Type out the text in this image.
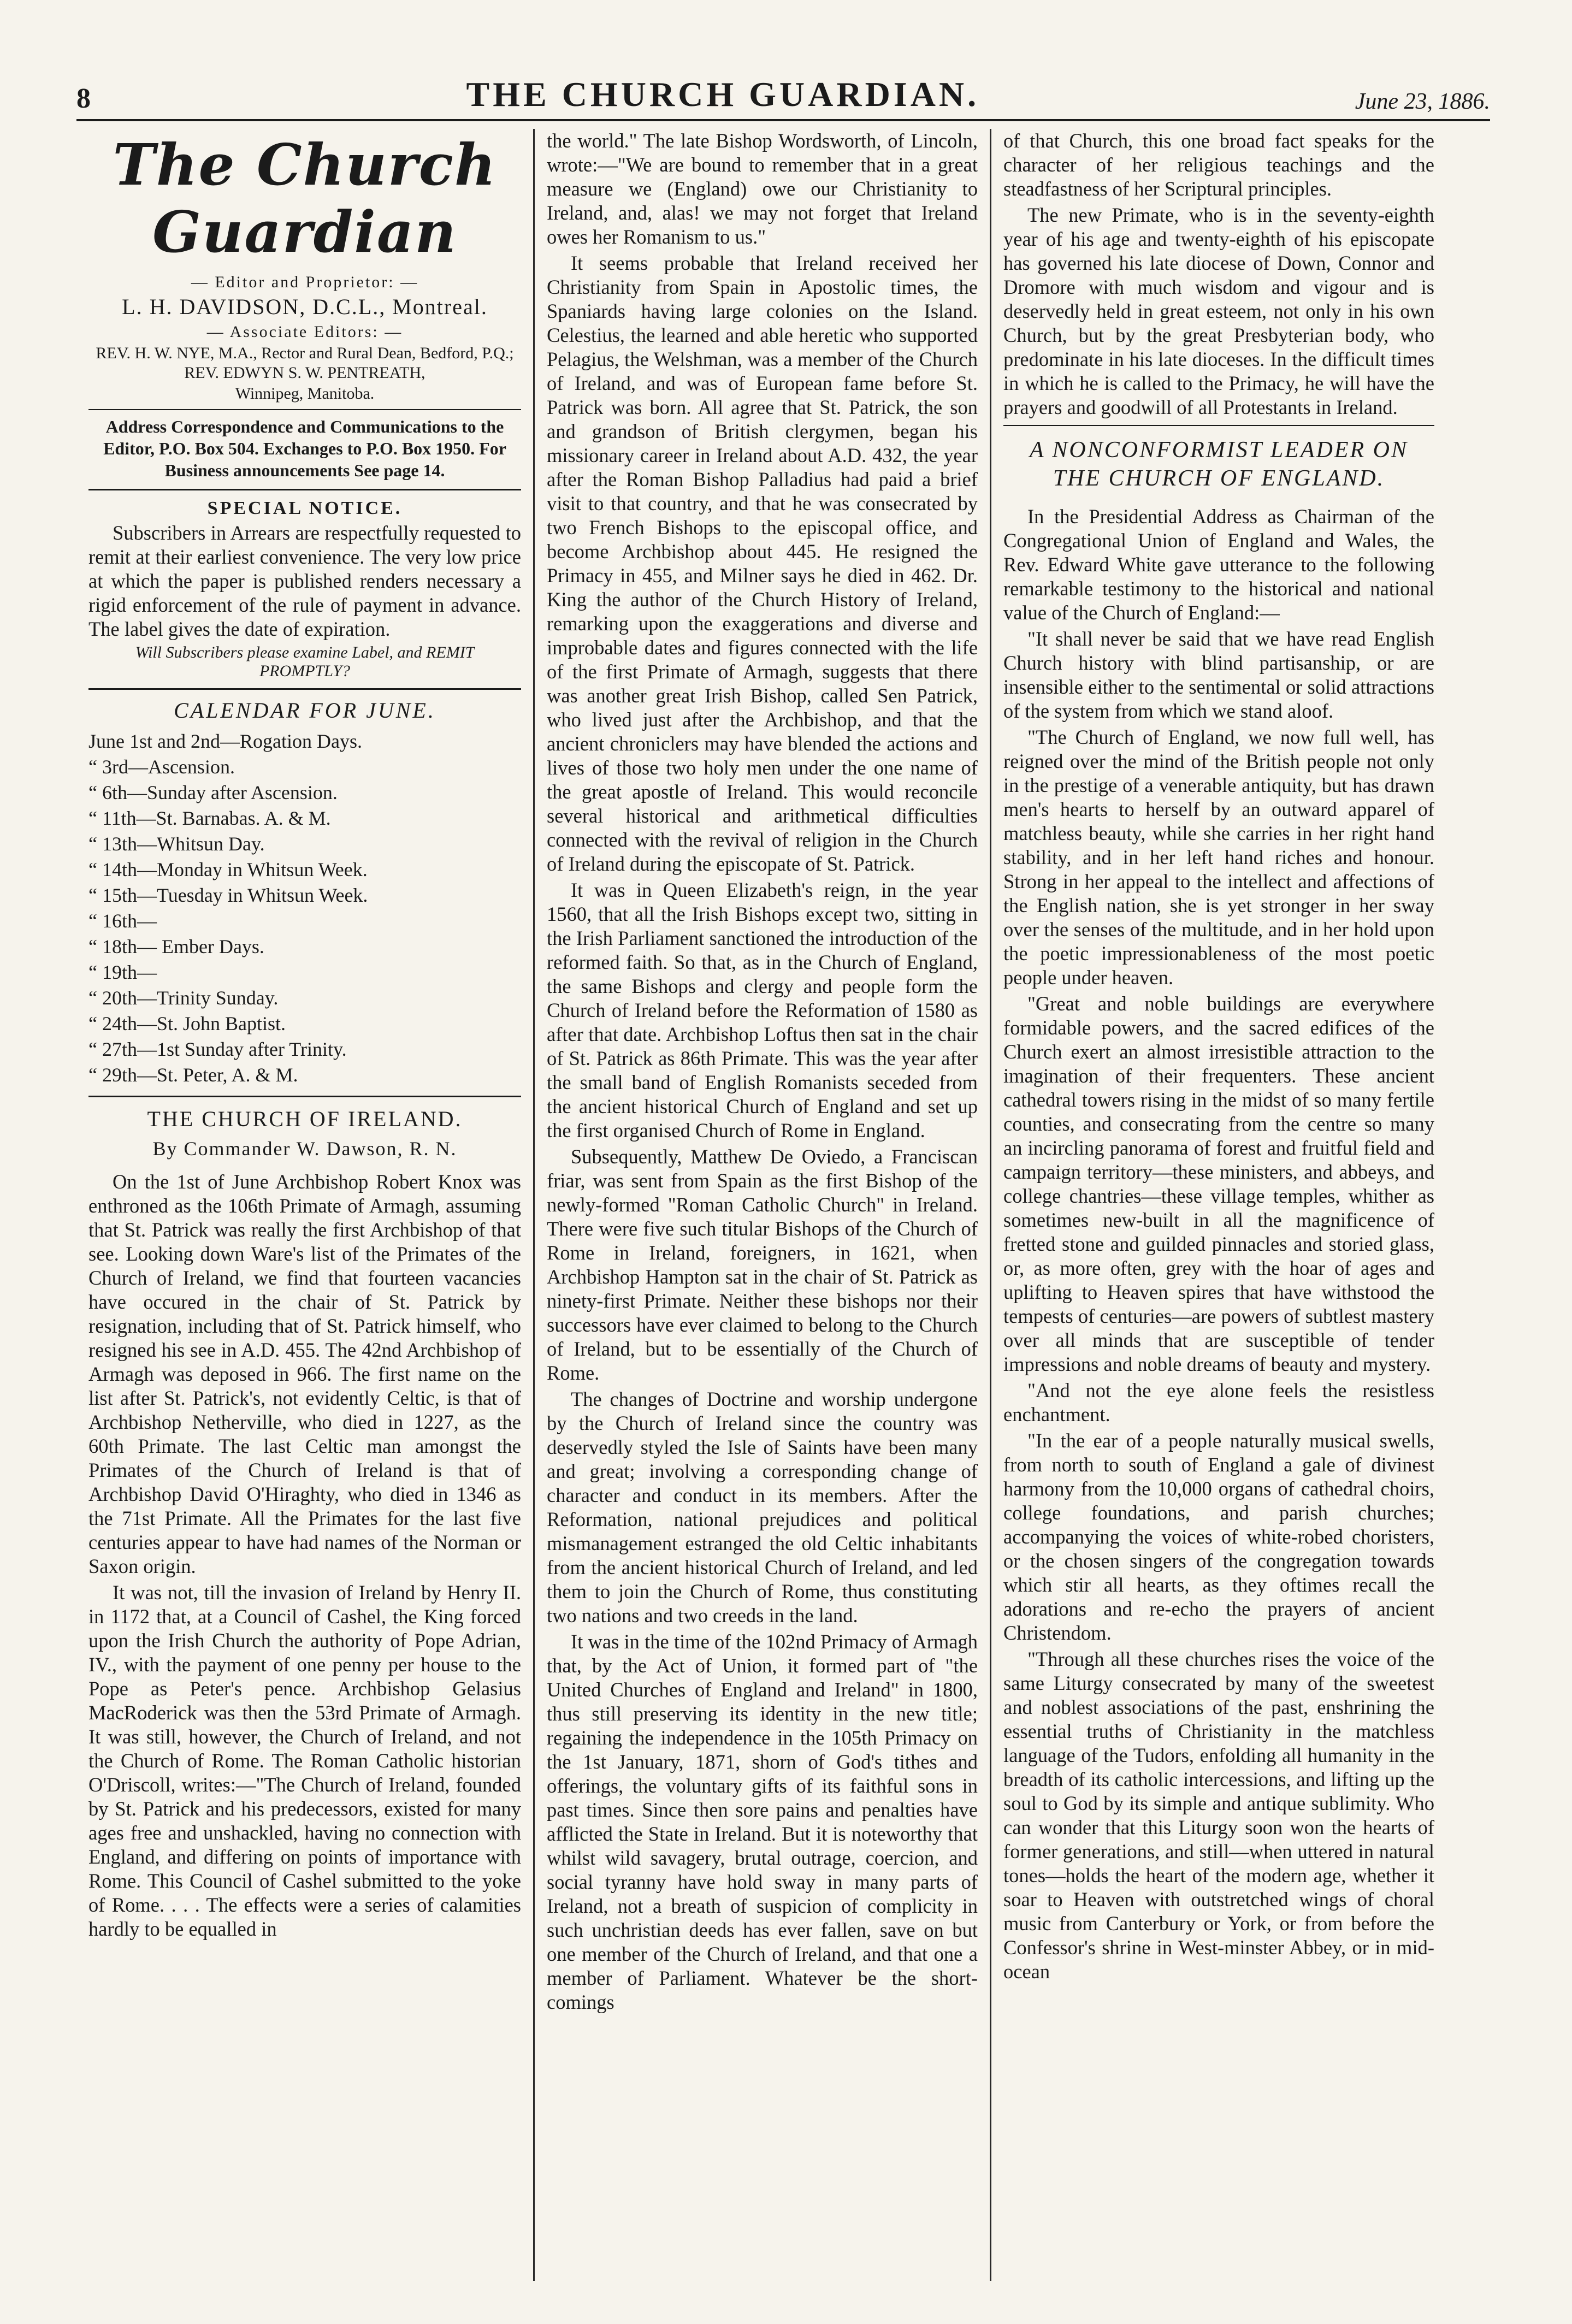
8	THE CHURCH GUARDIAN.	June 23, 1886.
The Church Guardian
— Editor and Proprietor: —
L. H. DAVIDSON, D.C.L., Montreal.
— Associate Editors: —
REV. H. W. NYE, M.A., Rector and Rural Dean, Bedford, P.Q.; REV. EDWYN S. W. PENTREATH,
Winnipeg, Manitoba.
Address Correspondence and Communications to the Editor, P.O. Box 504. Exchanges to P.O. Box 1950. For Business announcements See page 14.
SPECIAL NOTICE.

Subscribers in Arrears are respectfully requested to remit at their earliest convenience. The very low price at which the paper is published renders necessary a rigid enforcement of the rule of payment in advance. The label gives the date of expiration.

Will Subscribers please examine Label, and REMIT PROMPTLY?
CALENDAR FOR JUNE.
June 1st and 2nd—Rogation Days.
“ 3rd—Ascension.
“ 6th—Sunday after Ascension.
“ 11th—St. Barnabas. A. & M.
“ 13th—Whitsun Day.
“ 14th—Monday in Whitsun Week.
“ 15th—Tuesday in Whitsun Week.
“ 16th—
“ 18th— Ember Days.
“ 19th—
“ 20th—Trinity Sunday.
“ 24th—St. John Baptist.
“ 27th—1st Sunday after Trinity.
“ 29th—St. Peter, A. & M.
THE CHURCH OF IRELAND.
By Commander W. Dawson, R. N.

On the 1st of June Archbishop Robert Knox was enthroned as the 106th Primate of Armagh, assuming that St. Patrick was really the first Archbishop of that see. Looking down Ware's list of the Primates of the Church of Ireland, we find that fourteen vacancies have occured in the chair of St. Patrick by resignation, including that of St. Patrick himself, who resigned his see in A.D. 455. The 42nd Archbishop of Armagh was deposed in 966. The first name on the list after St. Patrick's, not evidently Celtic, is that of Archbishop Netherville, who died in 1227, as the 60th Primate. The last Celtic man amongst the Primates of the Church of Ireland is that of Archbishop David O'Hiraghty, who died in 1346 as the 71st Primate. All the Primates for the last five centuries appear to have had names of the Norman or Saxon origin.

It was not, till the invasion of Ireland by Henry II. in 1172 that, at a Council of Cashel, the King forced upon the Irish Church the authority of Pope Adrian, IV., with the payment of one penny per house to the Pope as Peter's pence. Archbishop Gelasius MacRoderick was then the 53rd Primate of Armagh. It was still, however, the Church of Ireland, and not the Church of Rome. The Roman Catholic historian O'Driscoll, writes:—"The Church of Ireland, founded by St. Patrick and his predecessors, existed for many ages free and unshackled, having no connection with England, and differing on points of importance with Rome. This Council of Cashel submitted to the yoke of Rome. . . . The effects were a series of calamities hardly to be equalled in

the world." The late Bishop Wordsworth, of Lincoln, wrote:—"We are bound to remember that in a great measure we (England) owe our Christianity to Ireland, and, alas! we may not forget that Ireland owes her Romanism to us."

It seems probable that Ireland received her Christianity from Spain in Apostolic times, the Spaniards having large colonies on the Island. Celestius, the learned and able heretic who supported Pelagius, the Welshman, was a member of the Church of Ireland, and was of European fame before St. Patrick was born. All agree that St. Patrick, the son and grandson of British clergymen, began his missionary career in Ireland about A.D. 432, the year after the Roman Bishop Palladius had paid a brief visit to that country, and that he was consecrated by two French Bishops to the episcopal office, and become Archbishop about 445. He resigned the Primacy in 455, and Milner says he died in 462. Dr. King the author of the Church History of Ireland, remarking upon the exaggerations and diverse and improbable dates and figures connected with the life of the first Primate of Armagh, suggests that there was another great Irish Bishop, called Sen Patrick, who lived just after the Archbishop, and that the ancient chroniclers may have blended the actions and lives of those two holy men under the one name of the great apostle of Ireland. This would reconcile several historical and arithmetical difficulties connected with the revival of religion in the Church of Ireland during the episcopate of St. Patrick.

It was in Queen Elizabeth's reign, in the year 1560, that all the Irish Bishops except two, sitting in the Irish Parliament sanctioned the introduction of the reformed faith. So that, as in the Church of England, the same Bishops and clergy and people form the Church of Ireland before the Reformation of 1580 as after that date. Archbishop Loftus then sat in the chair of St. Patrick as 86th Primate. This was the year after the small band of English Romanists seceded from the ancient historical Church of England and set up the first organised Church of Rome in England.

Subsequently, Matthew De Oviedo, a Franciscan friar, was sent from Spain as the first Bishop of the newly-formed "Roman Catholic Church" in Ireland. There were five such titular Bishops of the Church of Rome in Ireland, foreigners, in 1621, when Archbishop Hampton sat in the chair of St. Patrick as ninety-first Primate. Neither these bishops nor their successors have ever claimed to belong to the Church of Ireland, but to be essentially of the Church of Rome.

The changes of Doctrine and worship undergone by the Church of Ireland since the country was deservedly styled the Isle of Saints have been many and great; involving a corresponding change of character and conduct in its members. After the Reformation, national prejudices and political mismanagement estranged the old Celtic inhabitants from the ancient historical Church of Ireland, and led them to join the Church of Rome, thus constituting two nations and two creeds in the land.

It was in the time of the 102nd Primacy of Armagh that, by the Act of Union, it formed part of "the United Churches of England and Ireland" in 1800, thus still preserving its identity in the new title; regaining the independence in the 105th Primacy on the 1st January, 1871, shorn of God's tithes and offerings, the voluntary gifts of its faithful sons in past times. Since then sore pains and penalties have afflicted the State in Ireland. But it is noteworthy that whilst wild savagery, brutal outrage, coercion, and social tyranny have hold sway in many parts of Ireland, not a breath of suspicion of complicity in such unchristian deeds has ever fallen, save on but one member of the Church of Ireland, and that one a member of Parliament. Whatever be the short-comings

of that Church, this one broad fact speaks for the character of her religious teachings and the steadfastness of her Scriptural principles.

The new Primate, who is in the seventy-eighth year of his age and twenty-eighth of his episcopate has governed his late diocese of Down, Connor and Dromore with much wisdom and vigour and is deservedly held in great esteem, not only in his own Church, but by the great Presbyterian body, who predominate in his late dioceses. In the difficult times in which he is called to the Primacy, he will have the prayers and goodwill of all Protestants in Ireland.

A NONCONFORMIST LEADER ON THE CHURCH OF ENGLAND.

In the Presidential Address as Chairman of the Congregational Union of England and Wales, the Rev. Edward White gave utterance to the following remarkable testimony to the historical and national value of the Church of England:—

"It shall never be said that we have read English Church history with blind partisanship, or are insensible either to the sentimental or solid attractions of the system from which we stand aloof.

"The Church of England, we now full well, has reigned over the mind of the British people not only in the prestige of a venerable antiquity, but has drawn men's hearts to herself by an outward apparel of matchless beauty, while she carries in her right hand stability, and in her left hand riches and honour. Strong in her appeal to the intellect and affections of the English nation, she is yet stronger in her sway over the senses of the multitude, and in her hold upon the poetic impressionableness of the most poetic people under heaven.

"Great and noble buildings are everywhere formidable powers, and the sacred edifices of the Church exert an almost irresistible attraction to the imagination of their frequenters. These ancient cathedral towers rising in the midst of so many fertile counties, and consecrating from the centre so many an incircling panorama of forest and fruitful field and campaign territory—these ministers, and abbeys, and college chantries—these village temples, whither as sometimes new-built in all the magnificence of fretted stone and guilded pinnacles and storied glass, or, as more often, grey with the hoar of ages and uplifting to Heaven spires that have withstood the tempests of centuries—are powers of subtlest mastery over all minds that are susceptible of tender impressions and noble dreams of beauty and mystery.

"And not the eye alone feels the resistless enchantment.

"In the ear of a people naturally musical swells, from north to south of England a gale of divinest harmony from the 10,000 organs of cathedral choirs, college foundations, and parish churches; accompanying the voices of white-robed choristers, or the chosen singers of the congregation towards which stir all hearts, as they oftimes recall the adorations and re-echo the prayers of ancient Christendom.

"Through all these churches rises the voice of the same Liturgy consecrated by many of the sweetest and noblest associations of the past, enshrining the essential truths of Christianity in the matchless language of the Tudors, enfolding all humanity in the breadth of its catholic intercessions, and lifting up the soul to God by its simple and antique sublimity. Who can wonder that this Liturgy soon won the hearts of former generations, and still—when uttered in natural tones—holds the heart of the modern age, whether it soar to Heaven with outstretched wings of choral music from Canterbury or York, or from before the Confessor's shrine in West-minster Abbey, or in mid-ocean
